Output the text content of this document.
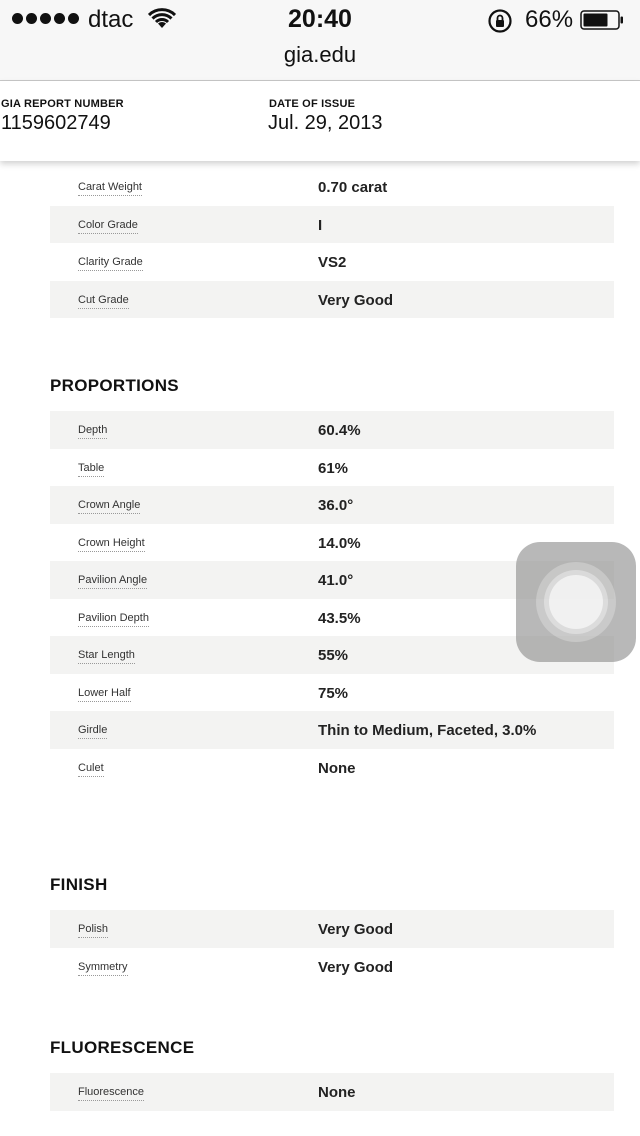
dtac	20:40	66%
gia.edu
GIA REPORT NUMBER
1159602749
DATE OF ISSUE
Jul. 29, 2013
Carat Weight	0.70 carat
Color Grade	I
Clarity Grade	VS2
Cut Grade	Very Good
PROPORTIONS
Depth	60.4%
Table	61%
Crown Angle	36.0°
Crown Height	14.0%
Pavilion Angle	41.0°
Pavilion Depth	43.5%
Star Length	55%
Lower Half	75%
Girdle	Thin to Medium, Faceted, 3.0%
Culet	None
FINISH
Polish	Very Good
Symmetry	Very Good
FLUORESCENCE
Fluorescence	None
